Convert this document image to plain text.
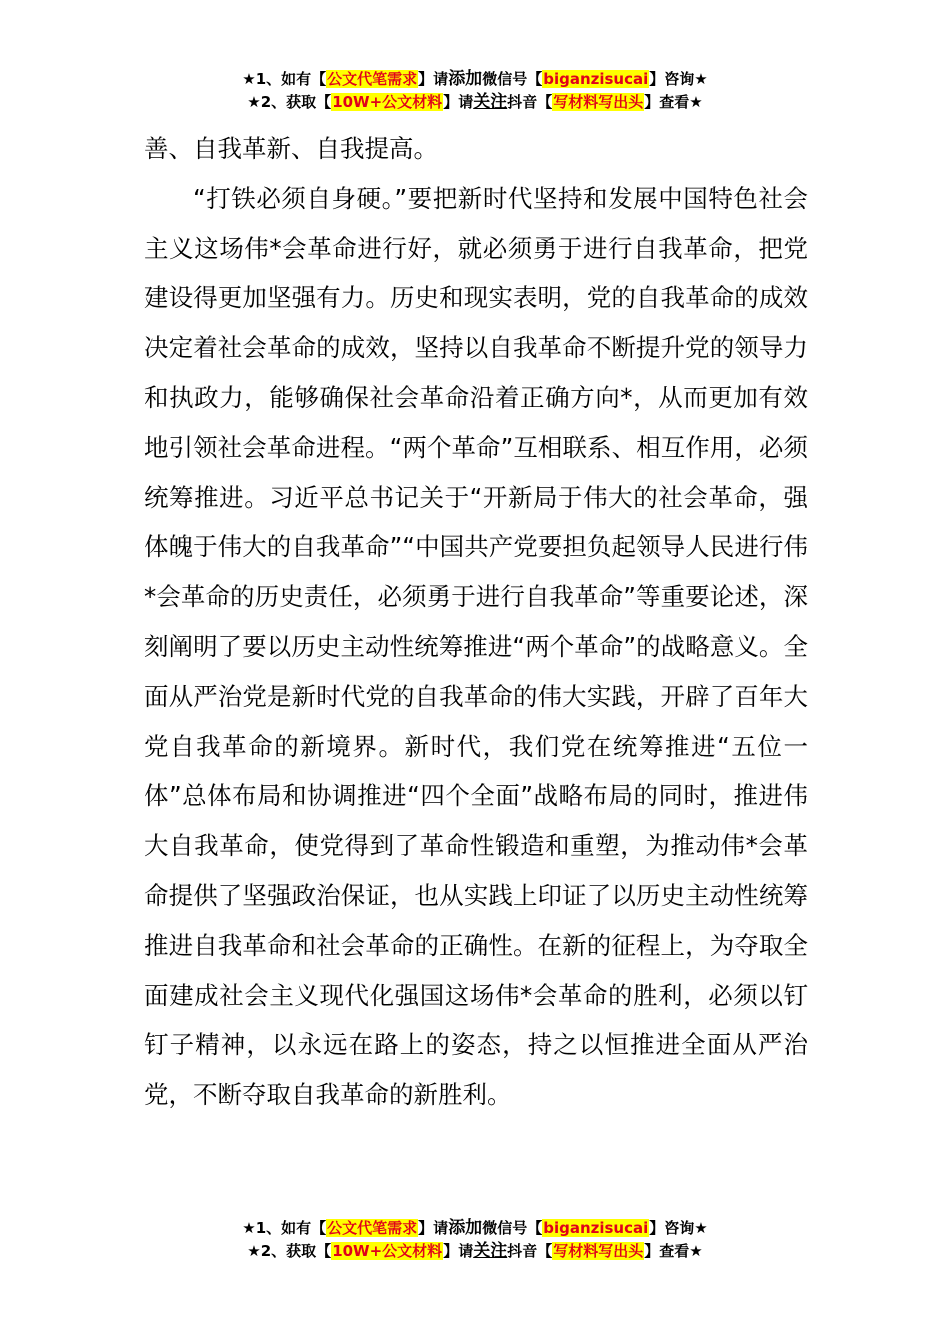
★1、如有【公文代笔需求】请添加微信号【biganzisucai】咨询★
★2、获取【10W+公文材料】请关注抖音【写材料写出头】查看★

善、自我革新、自我提高。

“打铁必须自身硬。”要把新时代坚持和发展中国特色社会主义这场伟*会革命进行好，就必须勇于进行自我革命，把党建设得更加坚强有力。历史和现实表明，党的自我革命的成效决定着社会革命的成效，坚持以自我革命不断提升党的领导力和执政力，能够确保社会革命沿着正确方向*，从而更加有效地引领社会革命进程。“两个革命”互相联系、相互作用，必须统筹推进。习近平总书记关于“开新局于伟大的社会革命，强体魄于伟大的自我革命”“中国共产党要担负起领导人民进行伟*会革命的历史责任，必须勇于进行自我革命”等重要论述，深刻阐明了要以历史主动性统筹推进“两个革命”的战略意义。全面从严治党是新时代党的自我革命的伟大实践，开辟了百年大党自我革命的新境界。新时代，我们党在统筹推进“五位一体”总体布局和协调推进“四个全面”战略布局的同时，推进伟大自我革命，使党得到了革命性锻造和重塑，为推动伟*会革命提供了坚强政治保证，也从实践上印证了以历史主动性统筹推进自我革命和社会革命的正确性。在新的征程上，为夺取全面建成社会主义现代化强国这场伟*会革命的胜利，必须以钉钉子精神，以永远在路上的姿态，持之以恒推进全面从严治党，不断夺取自我革命的新胜利。

★1、如有【公文代笔需求】请添加微信号【biganzisucai】咨询★
★2、获取【10W+公文材料】请关注抖音【写材料写出头】查看★
